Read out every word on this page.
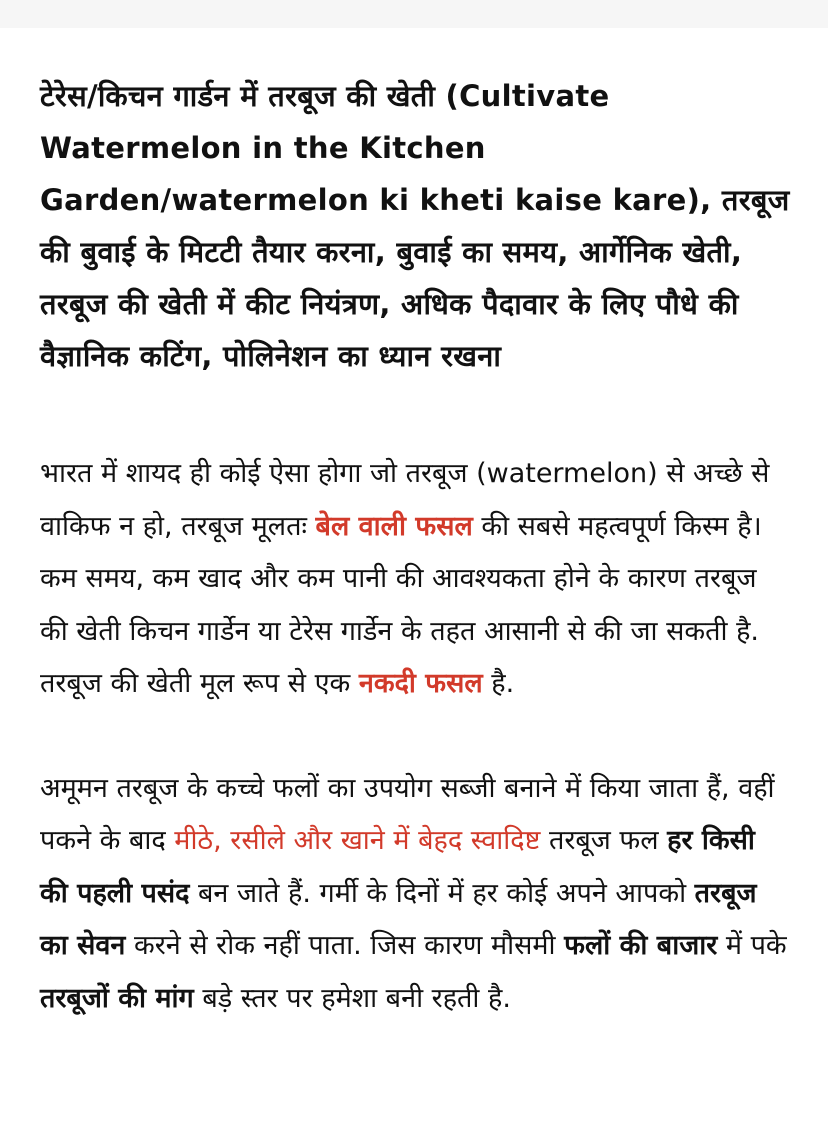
टेरेस/किचन गार्डन में तरबूज की खेती (Cultivate Watermelon in the Kitchen Garden/watermelon ki kheti kaise kare), तरबूज की बुवाई के मिटटी तैयार करना, बुवाई का समय, आर्गेनिक खेती, तरबूज की खेती में कीट नियंत्रण, अधिक पैदावार के लिए पौधे की वैज्ञानिक कटिंग, पोलिनेशन का ध्यान रखना

भारत में शायद ही कोई ऐसा होगा जो तरबूज (watermelon) से अच्छे से वाकिफ न हो, तरबूज मूलतः बेल वाली फसल की सबसे महत्वपूर्ण किस्म है। कम समय, कम खाद और कम पानी की आवश्यकता होने के कारण तरबूज की खेती किचन गार्डेन या टेरेस गार्डेन के तहत आसानी से की जा सकती है. तरबूज की खेती मूल रूप से एक नकदी फसल है.

अमूमन तरबूज के कच्चे फलों का उपयोग सब्जी बनाने में किया जाता हैं, वहीं पकने के बाद मीठे, रसीले और खाने में बेहद स्वादिष्ट तरबूज फल हर किसी की पहली पसंद बन जाते हैं. गर्मी के दिनों में हर कोई अपने आपको तरबूज का सेवन करने से रोक नहीं पाता. जिस कारण मौसमी फलों की बाजार में पके तरबूजों की मांग बड़े स्तर पर हमेशा बनी रहती है.
